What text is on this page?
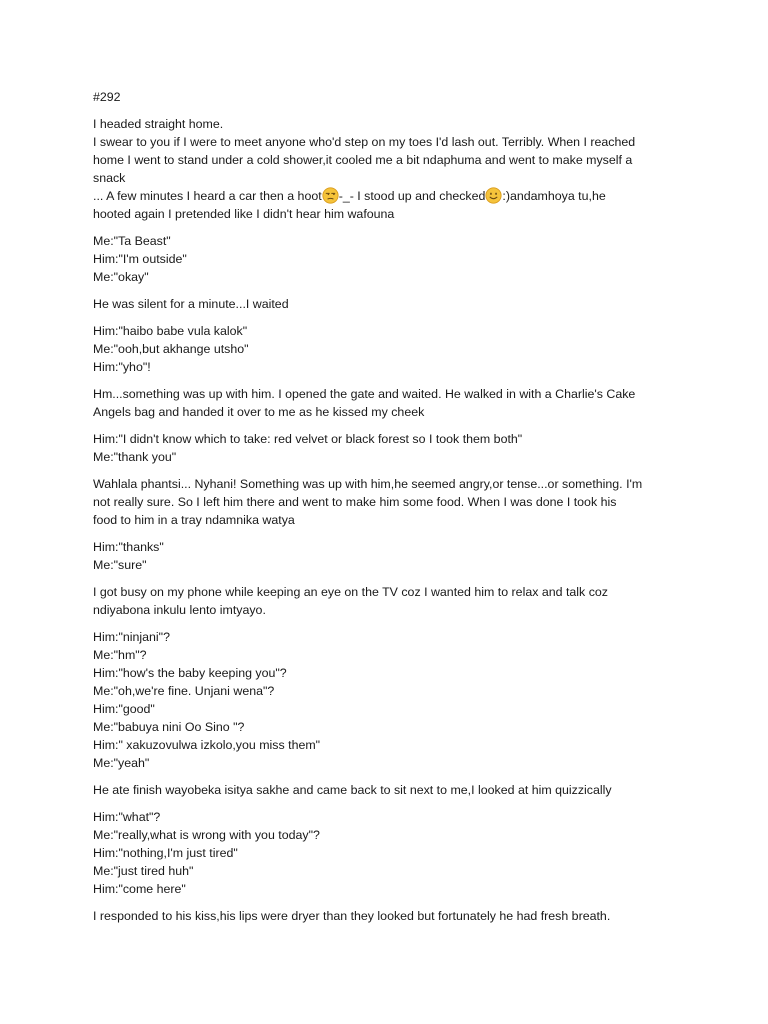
#292
I headed straight home.
I swear to you if I were to meet anyone who'd step on my toes I'd lash out. Terribly. When I reached
home I went to stand under a cold shower,it cooled me a bit ndaphuma and went to make myself a
snack
... A few minutes I heard a car then a hoot -_- I stood up and checked :)andamhoya tu,he
hooted again I pretended like I didn't hear him wafouna
Me:"Ta Beast"
Him:"I'm outside"
Me:"okay"
He was silent for a minute...I waited
Him:"haibo babe vula kalok"
Me:"ooh,but akhange utsho"
Him:"yho"!
Hm...something was up with him. I opened the gate and waited. He walked in with a Charlie's Cake
Angels bag and handed it over to me as he kissed my cheek
Him:"I didn't know which to take: red velvet or black forest so I took them both"
Me:"thank you"
Wahlala phantsi... Nyhani! Something was up with him,he seemed angry,or tense...or something. I'm
not really sure. So I left him there and went to make him some food. When I was done I took his
food to him in a tray ndamnika watya
Him:"thanks"
Me:"sure"
I got busy on my phone while keeping an eye on the TV coz I wanted him to relax and talk coz
ndiyabona inkulu lento imtyayo.
Him:"ninjani"?
Me:"hm"?
Him:"how's the baby keeping you"?
Me:"oh,we're fine. Unjani wena"?
Him:"good"
Me:"babuya nini Oo Sino "?
Him:" xakuzovulwa izkolo,you miss them"
Me:"yeah"
He ate finish wayobeka isitya sakhe and came back to sit next to me,I looked at him quizzically
Him:"what"?
Me:"really,what is wrong with you today"?
Him:"nothing,I'm just tired"
Me:"just tired huh"
Him:"come here"
I responded to his kiss,his lips were dryer than they looked but fortunately he had fresh breath.
